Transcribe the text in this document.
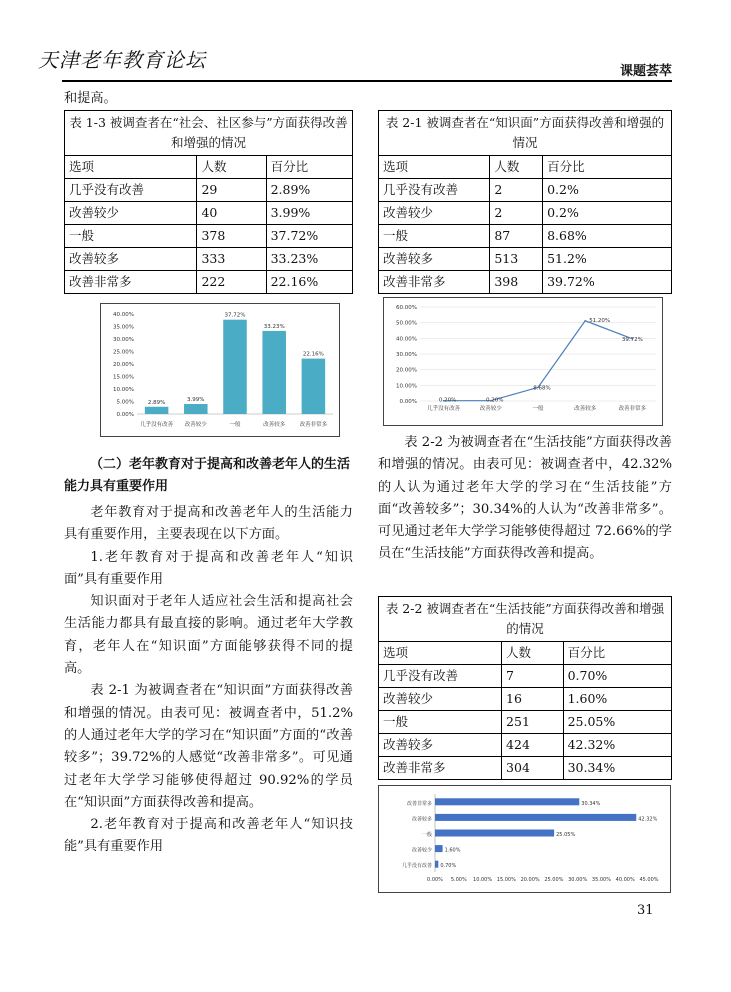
天津老年教育论坛	课题荟萃

和提高。

表 1-3 被调查者在“社会、社区参与”方面获得改善和增强的情况		
选项	人数	百分比
几乎没有改善	29	2.89%
改善较少	40	3.99%
一般	378	37.72%
改善较多	333	33.23%
改善非常多	222	22.16%
0.00%
5.00%
10.00%
15.00%
20.00%
25.00%
30.00%
35.00%
40.00%
2.89%
几乎没有改善
3.99%
改善较少
37.72%
一般
33.23%
改善较多
22.16%
改善非常多

（二）老年教育对于提高和改善老年人的生活能力具有重要作用

老年教育对于提高和改善老年人的生活能力具有重要作用，主要表现在以下方面。

1.老年教育对于提高和改善老年人“知识面”具有重要作用

知识面对于老年人适应社会生活和提高社会生活能力都具有最直接的影响。通过老年大学教育，老年人在“知识面”方面能够获得不同的提高。

表 2-1 为被调查者在“知识面”方面获得改善和增强的情况。由表可见：被调查者中，51.2%的人通过老年大学的学习在“知识面”方面的“改善较多”；39.72%的人感觉“改善非常多”。可见通过老年大学学习能够使得超过 90.92%的学员在“知识面”方面获得改善和提高。

2.老年教育对于提高和改善老年人“知识技能”具有重要作用

表 2-1 被调查者在“知识面”方面获得改善和增强的情况		
选项	人数	百分比
几乎没有改善	2	0.2%
改善较少	2	0.2%
一般	87	8.68%
改善较多	513	51.2%
改善非常多	398	39.72%
0.00%
10.00%
20.00%
30.00%
40.00%
50.00%
60.00%
0.20%
几乎没有改善
0.20%
改善较少
8.68%
一般
51.20%
改善较多
39.72%
改善非常多

表 2-2 为被调查者在“生活技能”方面获得改善和增强的情况。由表可见：被调查者中，42.32%的人认为通过老年大学的学习在“生活技能”方面“改善较多”；30.34%的人认为“改善非常多”。可见通过老年大学学习能够使得超过 72.66%的学员在“生活技能”方面获得改善和提高。

表 2-2 被调查者在“生活技能”方面获得改善和增强的情况		
选项	人数	百分比
几乎没有改善	7	0.70%
改善较少	16	1.60%
一般	251	25.05%
改善较多	424	42.32%
改善非常多	304	30.34%
30.34%
改善非常多
42.32%
改善较多
25.05%
一般
1.60%
改善较少
0.70%
几乎没有改善
0.00% 5.00% 10.00% 15.00% 20.00% 25.00% 30.00% 35.00% 40.00% 45.00%
31
